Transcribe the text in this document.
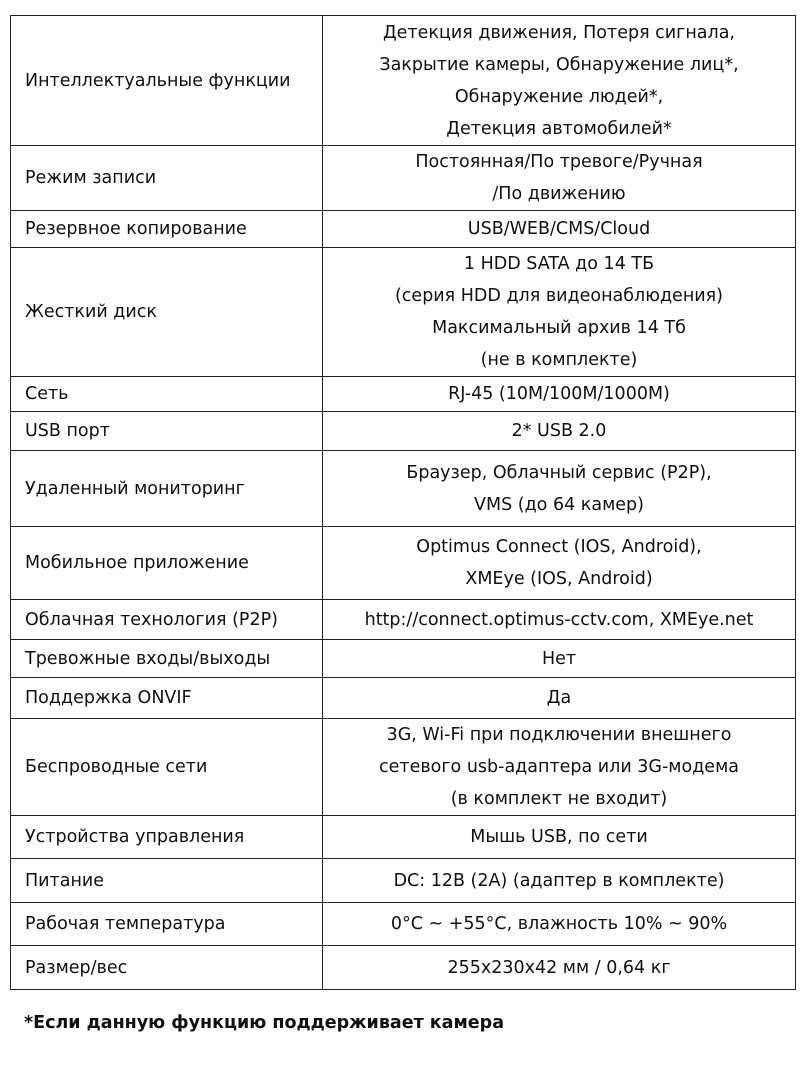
Интеллектуальные функции	Детекция движения, Потеря сигнала,
Закрытие камеры, Обнаружение лиц*,
Обнаружение людей*,
Детекция автомобилей*

Режим записи	Постоянная/По тревоге/Ручная
/По движению

Резервное копирование	USB/WEB/CMS/Cloud

Жесткий диск	1 HDD SATA до 14 ТБ
(серия HDD для видеонаблюдения)
Максимальный архив 14 Тб
(не в комплекте)

Сеть	RJ-45 (10M/100M/1000M)

USB порт	2* USB 2.0

Удаленный мониторинг	Браузер, Облачный сервис (P2P),
VMS (до 64 камер)

Мобильное приложение	Optimus Connect (IOS, Android),
XMEye (IOS, Android)

Облачная технология (P2P)	http://connect.optimus-cctv.com, XMEye.net

Тревожные входы/выходы	Нет

Поддержка ONVIF	Да

Беспроводные сети	3G, Wi-Fi при подключении внешнего
сетевого usb-адаптера или 3G-модема
(в комплект не входит)

Устройства управления	Мышь USB, по сети

Питание	DC: 12В (2A) (адаптер в комплекте)

Рабочая температура	0°C ~ +55°C, влажность 10% ~ 90%

Размер/вес	255x230x42 мм / 0,64 кг
*Если данную функцию поддерживает камера
